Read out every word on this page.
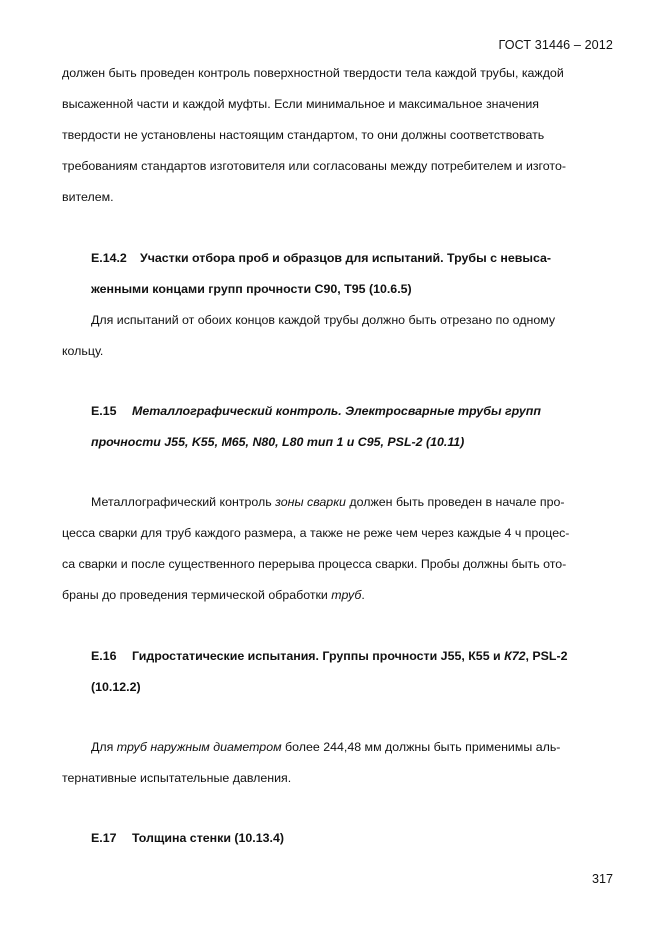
ГОСТ 31446 – 2012
должен быть проведен контроль поверхностной твердости тела каждой трубы, каждой
высаженной части и каждой муфты. Если минимальное и максимальное значения
твердости не установлены настоящим стандартом, то они должны соответствовать
требованиям стандартов изготовителя или согласованы между потребителем и изгото-
вителем.
Е.14.2 Участки отбора проб и образцов для испытаний. Трубы с невыса-
женными концами групп прочности С90, Т95 (10.6.5)
Для испытаний от обоих концов каждой трубы должно быть отрезано по одному
кольцу.
Е.15 Металлографический контроль. Электросварные трубы групп
прочности J55, K55, M65, N80, L80 тип 1 и C95, PSL-2 (10.11)
Металлографический контроль зоны сварки должен быть проведен в начале про-
цесса сварки для труб каждого размера, а также не реже чем через каждые 4 ч процес-
са сварки и после существенного перерыва процесса сварки. Пробы должны быть ото-
браны до проведения термической обработки труб.
Е.16 Гидростатические испытания. Группы прочности J55, К55 и К72, PSL-2
(10.12.2)
Для труб наружным диаметром более 244,48 мм должны быть применимы аль-
тернативные испытательные давления.
Е.17 Толщина стенки (10.13.4)
317
